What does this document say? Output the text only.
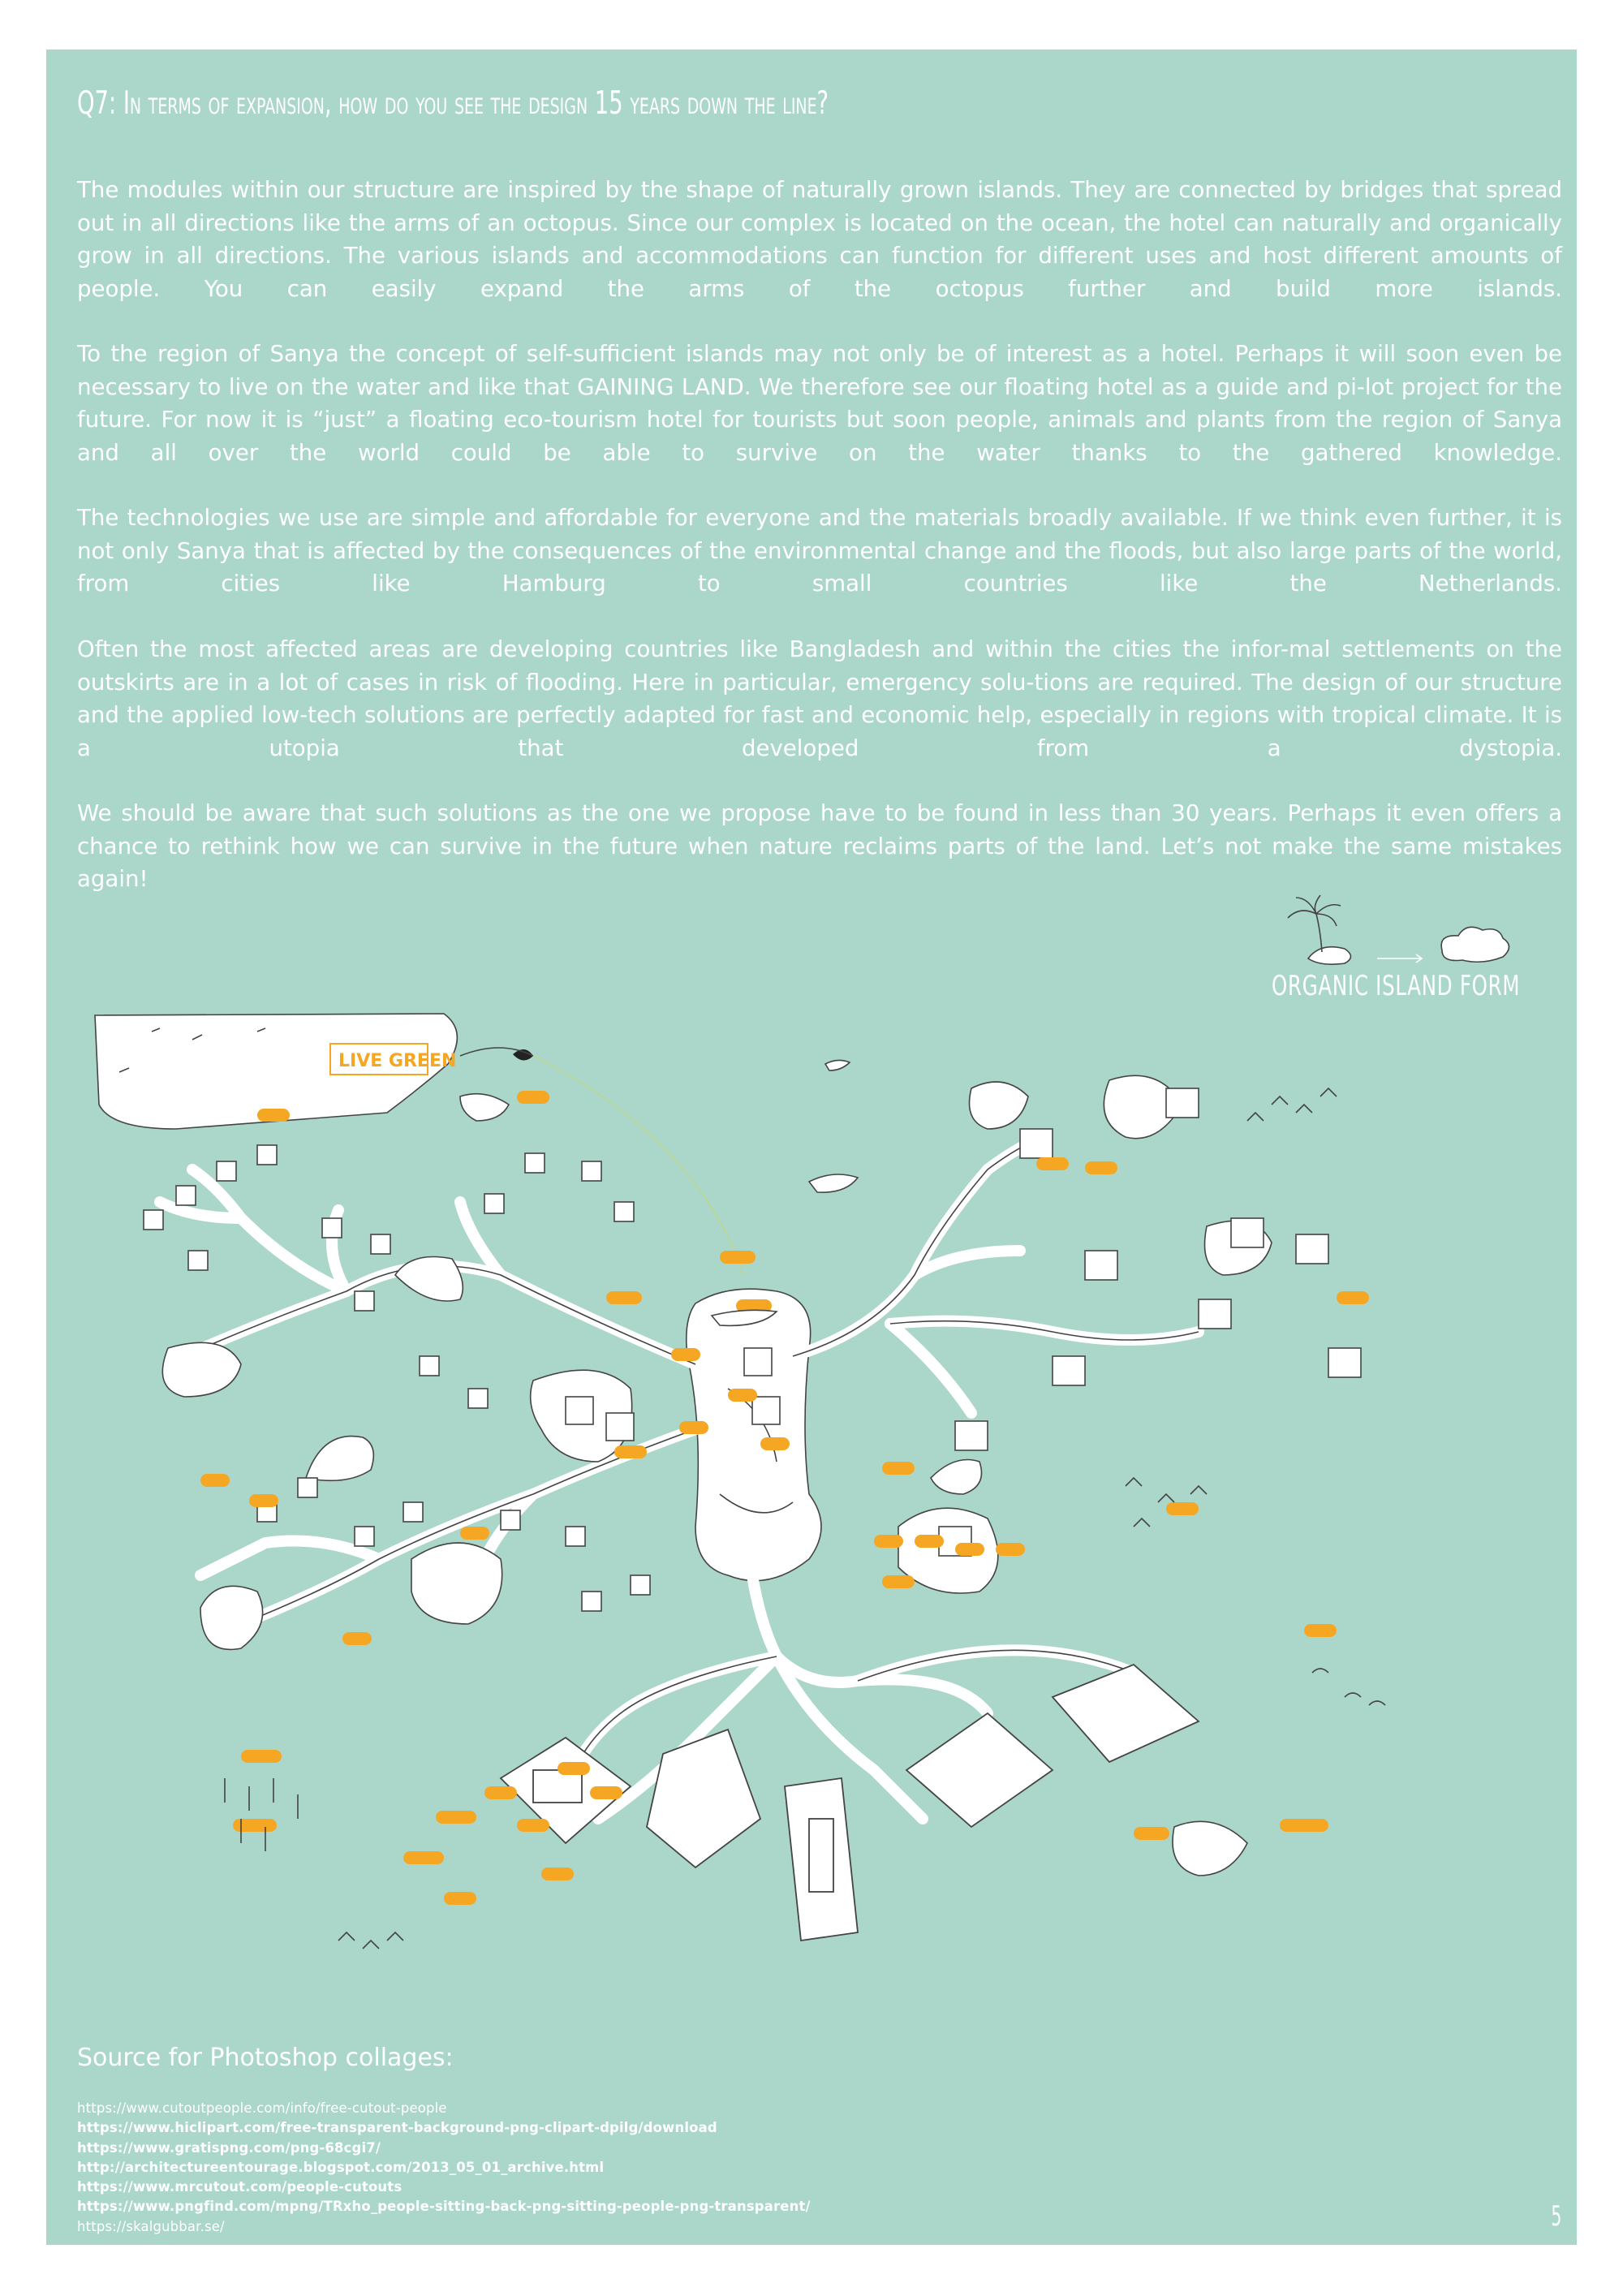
Q7: In terms of expansion, how do you see the design 15 years down the line?

The modules within our structure are inspired by the shape of naturally grown islands. They are connected by bridges that spread out in all directions like the arms of an octopus. Since our complex is located on the ocean, the hotel can naturally and organically grow in all directions. The various islands and accommodations can function for different uses and host different amounts of people. You can easily expand the arms of the octopus further and build more islands.

To the region of Sanya the concept of self-sufficient islands may not only be of interest as a hotel. Perhaps it will soon even be necessary to live on the water and like that GAINING LAND. We therefore see our floating hotel as a guide and pi-lot project for the future. For now it is “just” a floating eco-tourism hotel for tourists but soon people, animals and plants from the region of Sanya and all over the world could be able to survive on the water thanks to the gathered knowledge.

The technologies we use are simple and affordable for everyone and the materials broadly available. If we think even further, it is not only Sanya that is affected by the consequences of the environmental change and the floods, but also large parts of the world, from cities like Hamburg to small countries like the Netherlands.

Often the most affected areas are developing countries like Bangladesh and within the cities the infor-mal settlements on the outskirts are in a lot of cases in risk of flooding. Here in particular, emergency solu-tions are required. The design of our structure and the applied low-tech solutions are perfectly adapted for fast and economic help, especially in regions with tropical climate. It is a utopia that developed from a dystopia.

We should be aware that such solutions as the one we propose have to be found in less than 30 years. Perhaps it even offers a chance to rethink how we can survive in the future when nature reclaims parts of the land. Let’s not make the same mistakes again!

ORGANIC ISLAND FORM
LIVE GREEN
Source for Photoshop collages:
https://www.cutoutpeople.com/info/free-cutout-people
https://www.hiclipart.com/free-transparent-background-png-clipart-dpilg/download
https://www.gratispng.com/png-68cgi7/
http://architectureentourage.blogspot.com/2013_05_01_archive.html
https://www.mrcutout.com/people-cutouts
https://www.pngfind.com/mpng/TRxho_people-sitting-back-png-sitting-people-png-transparent/
https://skalgubbar.se/	5
